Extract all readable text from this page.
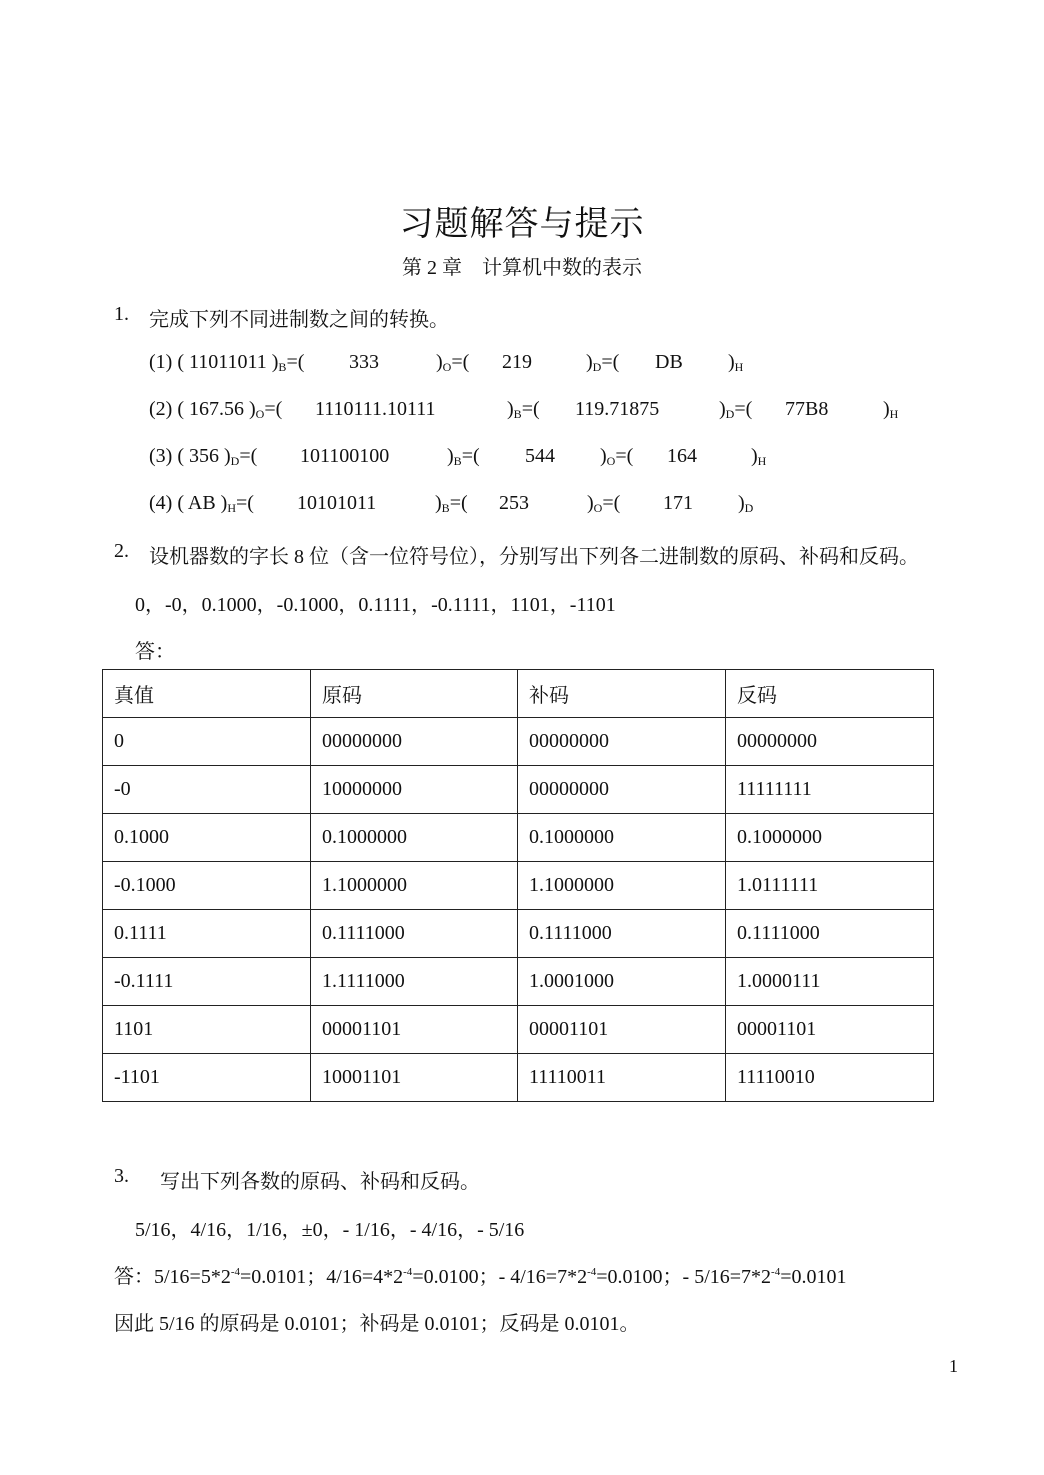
习题解答与提示
第 2 章　计算机中数的表示
1. 完成下列不同进制数之间的转换。
(1) ( 11011011 )$_B=$( 333	)$_O=$( 219	)$_D=$( DB )$_H$
(2) ( 167.56 )$_O=$( 1110111.10111	)$_B=$( 119.71875	)$_D=$( 77B8	)$_H$
(3) ( 356 )$_D=$( 101100100	)$_B=$( 544 )$_O=$( 164	)$_H$
(4) ( AB )$_H=$( 10101011	)$_B=$( 253	)$_O=$( 171 )$_D$
2. 设机器数的字长 8 位（含一位符号位），分别写出下列各二进制数的原码、补码和反码。
0，-0，0.1000，-0.1000，0.1111，-0.1111，1101，-1101
答：
真值	原码	补码	反码
0	00000000	00000000	00000000
-0	10000000	00000000	11111111
0.1000	0.1000000	0.1000000	0.1000000
-0.1000	1.1000000	1.1000000	1.0111111
0.1111	0.1111000	0.1111000	0.1111000
-0.1111	1.1111000	1.0001000	1.0000111
1101	00001101	00001101	00001101
-1101	10001101	11110011	11110010
3. 写出下列各数的原码、补码和反码。
5/16，4/16，1/16，±0，- 1/16，- 4/16，- 5/16
答：$5/16=5*2^{-4}=0.0101$；$4/16=4*2^{-4}=0.0100$；- $4/16=7*2^{-4}=0.0100$；- $5/16=7*2^{-4}=0.0101$
因此 5/16 的原码是 0.0101；补码是 0.0101；反码是 0.0101。
1
